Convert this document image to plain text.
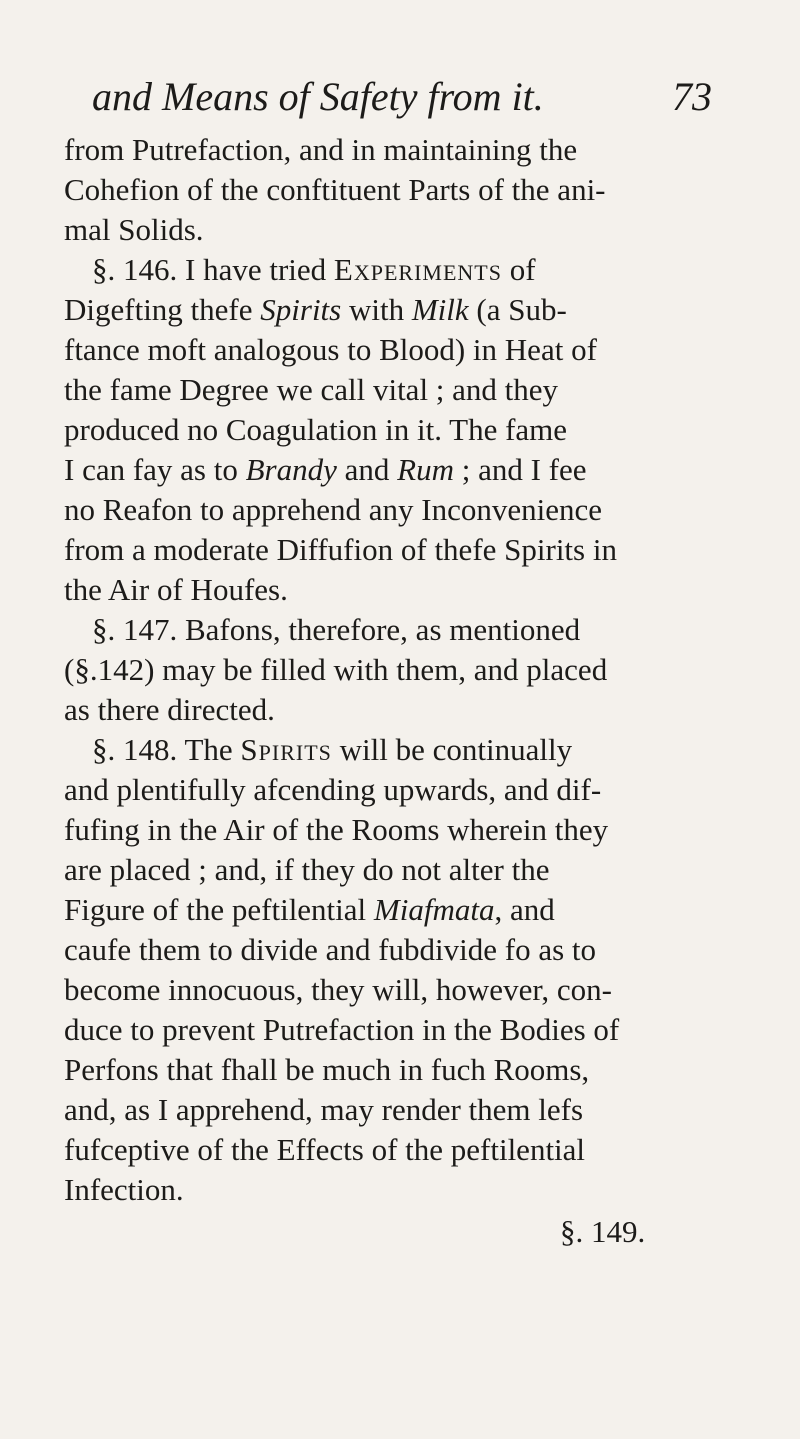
and Means of Safety from it.	73
from Putrefaction, and in maintaining the
Cohefion of the conftituent Parts of the ani-
mal Solids.
§. 146. I have tried Experiments of
Digefting thefe Spirits with Milk (a Sub-
ftance moft analogous to Blood) in Heat of
the fame Degree we call vital ; and they
produced no Coagulation in it. The fame
I can fay as to Brandy and Rum ; and I fee
no Reafon to apprehend any Inconvenience
from a moderate Diffufion of thefe Spirits in
the Air of Houfes.
§. 147. Bafons, therefore, as mentioned
(§.142) may be filled with them, and placed
as there directed.
§. 148. The Spirits will be continually
and plentifully afcending upwards, and dif-
fufing in the Air of the Rooms wherein they
are placed ; and, if they do not alter the
Figure of the peftilential Miafmata, and
caufe them to divide and fubdivide fo as to
become innocuous, they will, however, con-
duce to prevent Putrefaction in the Bodies of
Perfons that fhall be much in fuch Rooms,
and, as I apprehend, may render them lefs
fufceptive of the Effects of the peftilential
Infection.
§. 149.
